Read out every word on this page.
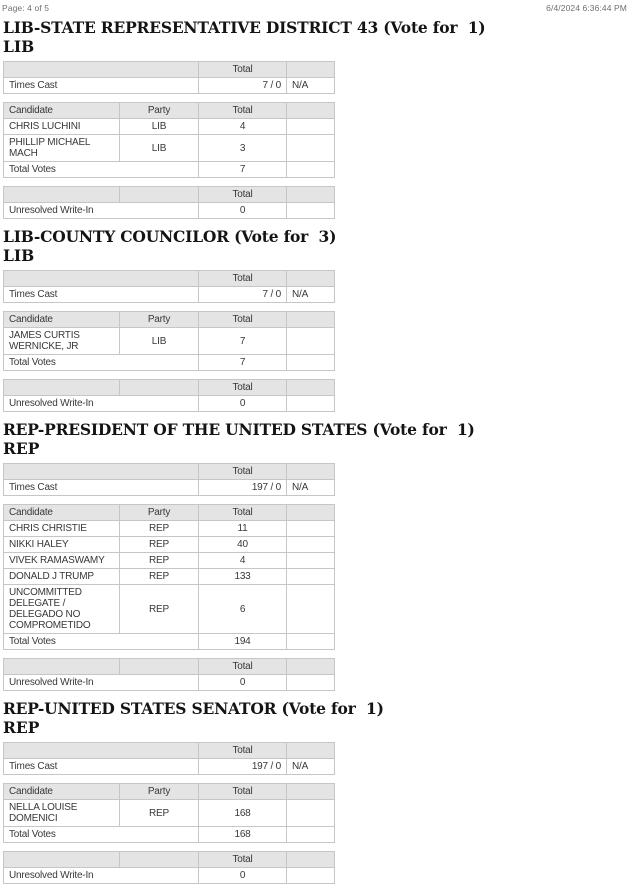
Page: 4 of 5	6/4/2024 6:36:44 PM
LIB-STATE REPRESENTATIVE DISTRICT 43 (Vote for  1)
LIB
	Total	
Times Cast	7 / 0	N/A
Candidate	Party	Total	
CHRIS LUCHINI	LIB	4	
PHILLIP MICHAEL MACH	LIB	3	
Total Votes		7	
		Total	
Unresolved Write-In		0	
LIB-COUNTY COUNCILOR (Vote for  3)
LIB
	Total	
Times Cast	7 / 0	N/A
Candidate	Party	Total	
JAMES CURTIS WERNICKE, JR	LIB	7	
Total Votes		7	
		Total	
Unresolved Write-In		0	
REP-PRESIDENT OF THE UNITED STATES (Vote for  1)
REP
	Total	
Times Cast	197 / 0	N/A
Candidate	Party	Total	
CHRIS CHRISTIE	REP	11	
NIKKI HALEY	REP	40	
VIVEK RAMASWAMY	REP	4	
DONALD J TRUMP	REP	133	
UNCOMMITTED DELEGATE / DELEGADO NO COMPROMETIDO	REP	6	
Total Votes		194	
		Total	
Unresolved Write-In		0	
REP-UNITED STATES SENATOR (Vote for  1)
REP
	Total	
Times Cast	197 / 0	N/A
Candidate	Party	Total	
NELLA LOUISE DOMENICI	REP	168	
Total Votes		168	
		Total	
Unresolved Write-In		0	
